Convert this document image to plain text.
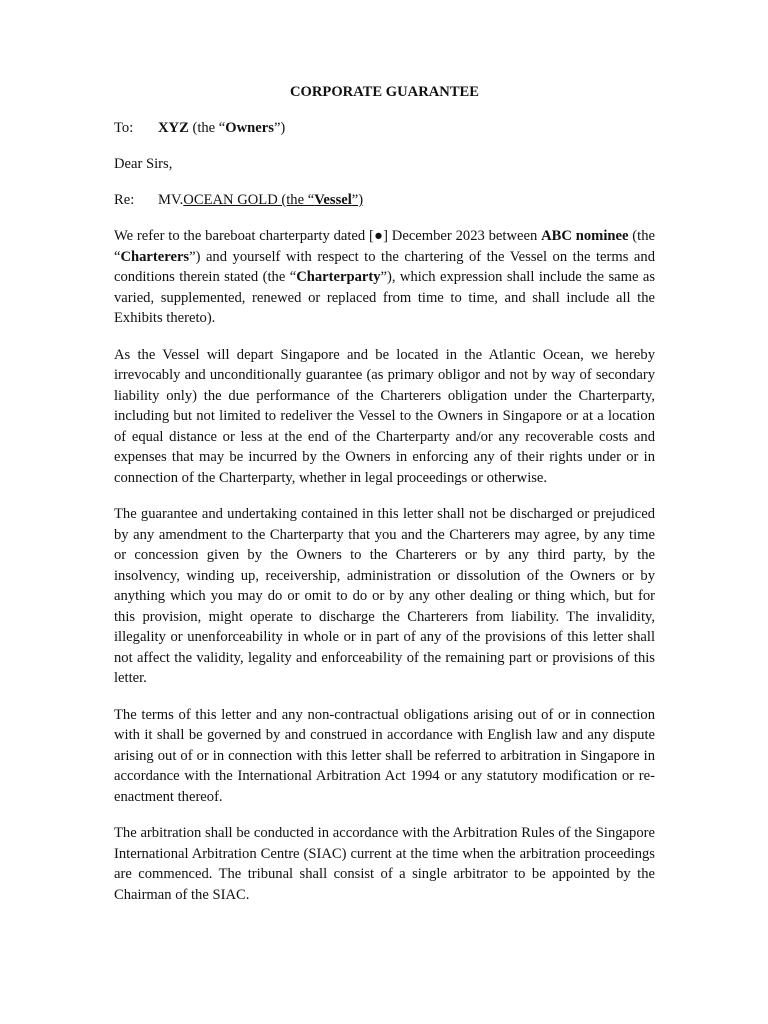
CORPORATE GUARANTEE

To: XYZ (the “Owners”)

Dear Sirs,

Re: MV.OCEAN GOLD (the “Vessel”)

We refer to the bareboat charterparty dated [●] December 2023 between ABC nominee (the “Charterers”) and yourself with respect to the chartering of the Vessel on the terms and conditions therein stated (the “Charterparty”), which expression shall include the same as varied, supplemented, renewed or replaced from time to time, and shall include all the Exhibits thereto).

As the Vessel will depart Singapore and be located in the Atlantic Ocean, we hereby irrevocably and unconditionally guarantee (as primary obligor and not by way of secondary liability only) the due performance of the Charterers obligation under the Charterparty, including but not limited to redeliver the Vessel to the Owners in Singapore or at a location of equal distance or less at the end of the Charterparty and/or any recoverable costs and expenses that may be incurred by the Owners in enforcing any of their rights under or in connection of the Charterparty, whether in legal proceedings or otherwise.

The guarantee and undertaking contained in this letter shall not be discharged or prejudiced by any amendment to the Charterparty that you and the Charterers may agree, by any time or concession given by the Owners to the Charterers or by any third party, by the insolvency, winding up, receivership, administration or dissolution of the Owners or by anything which you may do or omit to do or by any other dealing or thing which, but for this provision, might operate to discharge the Charterers from liability. The invalidity, illegality or unenforceability in whole or in part of any of the provisions of this letter shall not affect the validity, legality and enforceability of the remaining part or provisions of this letter.

The terms of this letter and any non-contractual obligations arising out of or in connection with it shall be governed by and construed in accordance with English law and any dispute arising out of or in connection with this letter shall be referred to arbitration in Singapore in accordance with the International Arbitration Act 1994 or any statutory modification or re-enactment thereof.

The arbitration shall be conducted in accordance with the Arbitration Rules of the Singapore International Arbitration Centre (SIAC) current at the time when the arbitration proceedings are commenced. The tribunal shall consist of a single arbitrator to be appointed by the Chairman of the SIAC.
